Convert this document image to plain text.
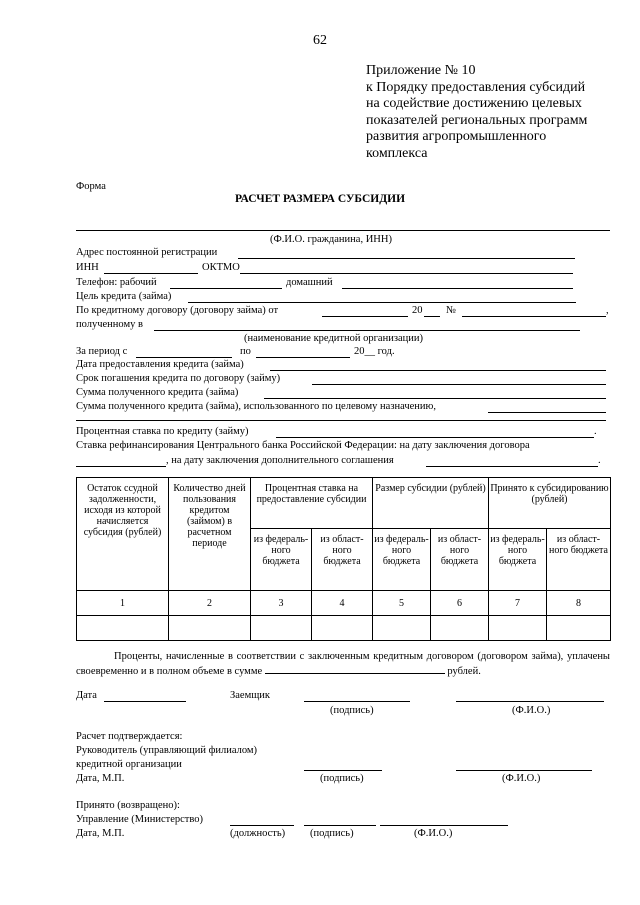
62
Приложение № 10
к Порядку предоставления субсидий
на содействие достижению целевых
показателей региональных программ
развития агропромышленного
комплекса
Форма
РАСЧЕТ РАЗМЕРА СУБСИДИИ
(Ф.И.О. гражданина, ИНН)
Адрес постоянной регистрации
ИНН	ОКТМО
Телефон: рабочий	домашний
Цель кредита (займа)
По кредитному договору (договору займа) от	20 №	,
полученному в
(наименование кредитной организации)
За период с	по	20__ год.
Дата предоставления кредита (займа)
Срок погашения кредита по договору (займу)
Сумма полученного кредита (займа)
Сумма полученного кредита (займа), использованного по целевому назначению,
Процентная ставка по кредиту (займу)	.
Ставка рефинансирования Центрального банка Российской Федерации: на дату заключения договора
, на дату заключения дополнительного соглашения	.
Остаток ссудной задолженности, исходя из которой начисляется субсидия (рублей)	Количество дней пользования кредитом (займом) в расчетном периоде	Процентная ставка на предоставление субсидии		Размер субсидии (рублей)		Принято к субсидированию (рублей)	
		из федераль-ного бюджета	из област-ного бюджета	из федераль-ного бюджета	из област-ного бюджета	из федераль-ного бюджета	из област-ного бюджета
1	2	3	4	5	6	7	8

Проценты, начисленные в соответствии с заключенным кредитным договором (договором займа), уплачены своевременно и в полном объеме в сумме	рублей.
Дата	Заемщик
(подпись)	(Ф.И.О.)
Расчет подтверждается:
Руководитель (управляющий филиалом)
кредитной организации
Дата, М.П.	(подпись)	(Ф.И.О.)
Принято (возвращено):
Управление (Министерство)
Дата, М.П.	(должность) (подпись)	(Ф.И.О.)
